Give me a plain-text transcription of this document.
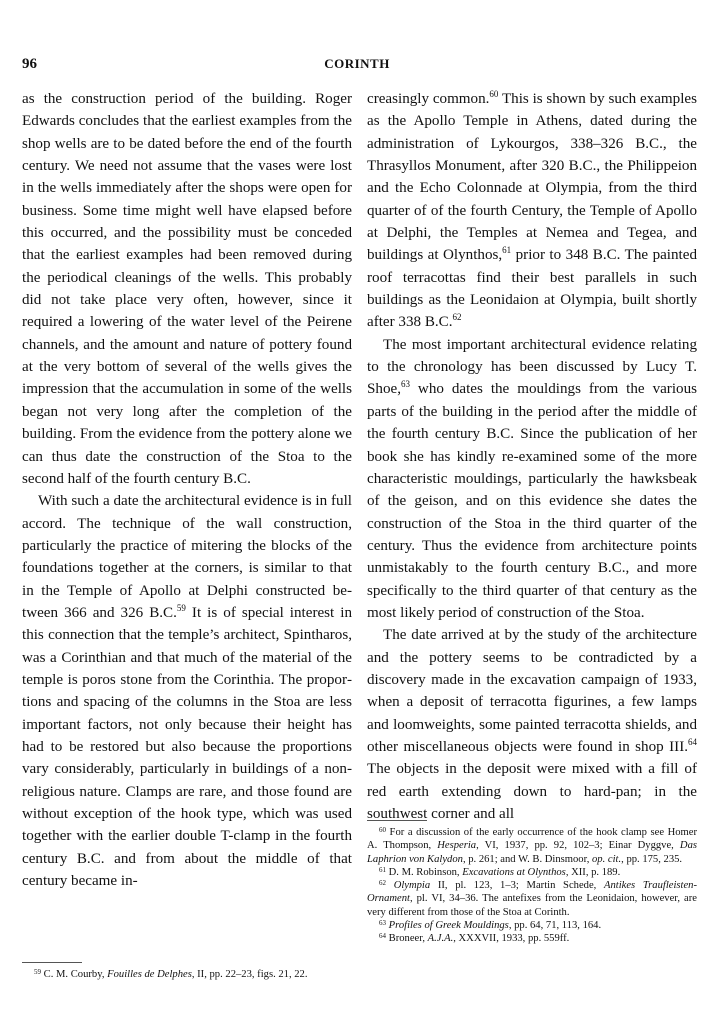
96	CORINTH

as the construction period of the building. Roger Edwards concludes that the earliest examples from the shop wells are to be dated before the end of the fourth century. We need not assume that the vases were lost in the wells immediately after the shops were open for business. Some time might well have elapsed before this occurred, and the possibility must be conceded that the earliest examples had been removed during the periodical cleanings of the wells. This probably did not take place very often, however, since it required a lowering of the water level of the Peirene channels, and the amount and nature of pottery found at the very bottom of several of the wells gives the impression that the accumulation in some of the wells began not very long after the completion of the building. From the evidence from the pottery alone we can thus date the construction of the Stoa to the second half of the fourth century B.C.

With such a date the architectural evidence is in full accord. The technique of the wall construction, particularly the practice of mitering the blocks of the foundations together at the corners, is similar to that in the Temple of Apollo at Delphi constructed between 366 and 326 B.C.$^{59}$ It is of special interest in this connection that the temple’s architect, Spintharos, was a Corinthian and that much of the material of the temple is poros stone from the Corinthia. The proportions and spacing of the columns in the Stoa are less important factors, not only because their height has had to be restored but also because the proportions vary considerably, particularly in buildings of a non-religious nature. Clamps are rare, and those found are without exception of the hook type, which was used together with the earlier double T-clamp in the fourth century B.C. and from about the middle of that century became in-

creasingly common.$^{60}$ This is shown by such examples as the Apollo Temple in Athens, dated during the administration of Lykourgos, 338–326 B.C., the Thrasyllos Monument, after 320 B.C., the Philippeion and the Echo Colonnade at Olympia, from the third quarter of of the fourth Century, the Temple of Apollo at Delphi, the Temples at Nemea and Tegea, and buildings at Olynthos,$^{61}$ prior to 348 B.C. The painted roof terracottas find their best parallels in such buildings as the Leonidaion at Olympia, built shortly after 338 B.C.$^{62}$

The most important architectural evidence relating to the chronology has been discussed by Lucy T. Shoe,$^{63}$ who dates the mouldings from the various parts of the building in the period after the middle of the fourth century B.C. Since the publication of her book she has kindly re-examined some of the more characteristic mouldings, particularly the hawksbeak of the geison, and on this evidence she dates the construction of the Stoa in the third quarter of the century. Thus the evidence from architecture points unmistakably to the fourth century B.C., and more specifically to the third quarter of that century as the most likely period of construction of the Stoa.

The date arrived at by the study of the architecture and the pottery seems to be contradicted by a discovery made in the excavation campaign of 1933, when a deposit of terracotta figurines, a few lamps and loomweights, some painted terracotta shields, and other miscellaneous objects were found in shop III.$^{64}$ The objects in the deposit were mixed with a fill of red earth extending down to hard-pan; in the southwest corner and all

$^{59}$ C. M. Courby, Fouilles de Delphes, II, pp. 22–23, figs. 21, 22.

$^{60}$ For a discussion of the early occurrence of the hook clamp see Homer A. Thompson, Hesperia, VI, 1937, pp. 92, 102–3; Einar Dyggve, Das Laphrion von Kalydon, p. 261; and W. B. Dinsmoor, op. cit., pp. 175, 235.

$^{61}$ D. M. Robinson, Excavations at Olynthos, XII, p. 189.

$^{62}$ Olympia II, pl. 123, 1–3; Martin Schede, Antikes Traufleisten-Ornament, pl. VI, 34–36. The antefixes from the Leonidaion, however, are very different from those of the Stoa at Corinth.

$^{63}$ Profiles of Greek Mouldings, pp. 64, 71, 113, 164.

$^{64}$ Broneer, A.J.A., XXXVII, 1933, pp. 559ff.
